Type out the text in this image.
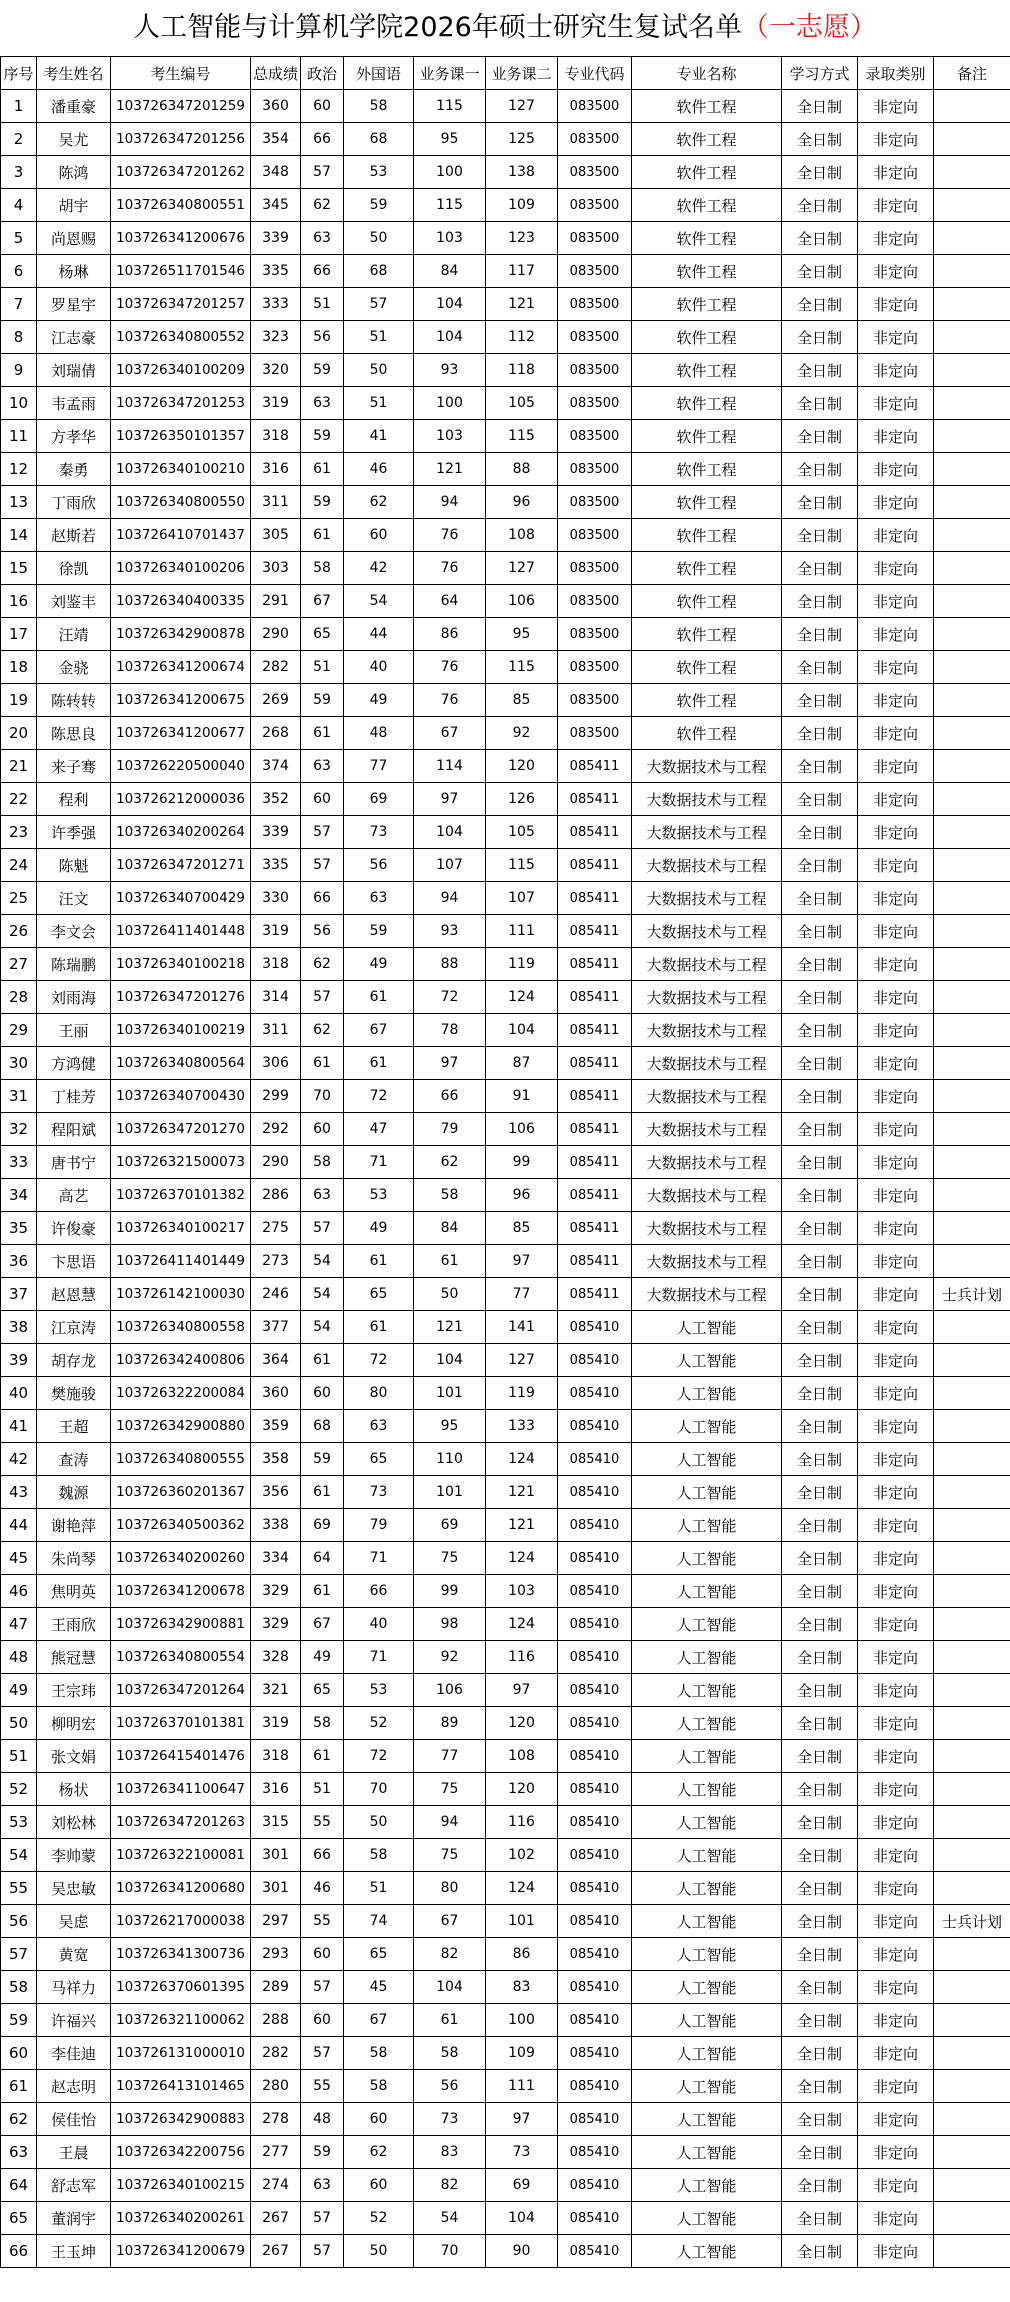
人工智能与计算机学院2026年硕士研究生复试名单（一志愿）
序号	考生姓名	考生编号	总成绩	政治	外国语	业务课一	业务课二	专业代码	专业名称	学习方式	录取类别	备注
1	潘重豪	103726347201259	360	60	58	115	127	083500	软件工程	全日制	非定向	
2	吴尤	103726347201256	354	66	68	95	125	083500	软件工程	全日制	非定向	
3	陈鸿	103726347201262	348	57	53	100	138	083500	软件工程	全日制	非定向	
4	胡宇	103726340800551	345	62	59	115	109	083500	软件工程	全日制	非定向	
5	尚恩赐	103726341200676	339	63	50	103	123	083500	软件工程	全日制	非定向	
6	杨琳	103726511701546	335	66	68	84	117	083500	软件工程	全日制	非定向	
7	罗星宇	103726347201257	333	51	57	104	121	083500	软件工程	全日制	非定向	
8	江志豪	103726340800552	323	56	51	104	112	083500	软件工程	全日制	非定向	
9	刘瑞倩	103726340100209	320	59	50	93	118	083500	软件工程	全日制	非定向	
10	韦孟雨	103726347201253	319	63	51	100	105	083500	软件工程	全日制	非定向	
11	方孝华	103726350101357	318	59	41	103	115	083500	软件工程	全日制	非定向	
12	秦勇	103726340100210	316	61	46	121	88	083500	软件工程	全日制	非定向	
13	丁雨欣	103726340800550	311	59	62	94	96	083500	软件工程	全日制	非定向	
14	赵斯若	103726410701437	305	61	60	76	108	083500	软件工程	全日制	非定向	
15	徐凯	103726340100206	303	58	42	76	127	083500	软件工程	全日制	非定向	
16	刘鉴丰	103726340400335	291	67	54	64	106	083500	软件工程	全日制	非定向	
17	汪靖	103726342900878	290	65	44	86	95	083500	软件工程	全日制	非定向	
18	金骁	103726341200674	282	51	40	76	115	083500	软件工程	全日制	非定向	
19	陈转转	103726341200675	269	59	49	76	85	083500	软件工程	全日制	非定向	
20	陈思良	103726341200677	268	61	48	67	92	083500	软件工程	全日制	非定向	
21	来子骞	103726220500040	374	63	77	114	120	085411	大数据技术与工程	全日制	非定向	
22	程利	103726212000036	352	60	69	97	126	085411	大数据技术与工程	全日制	非定向	
23	许季强	103726340200264	339	57	73	104	105	085411	大数据技术与工程	全日制	非定向	
24	陈魁	103726347201271	335	57	56	107	115	085411	大数据技术与工程	全日制	非定向	
25	汪文	103726340700429	330	66	63	94	107	085411	大数据技术与工程	全日制	非定向	
26	李文会	103726411401448	319	56	59	93	111	085411	大数据技术与工程	全日制	非定向	
27	陈瑞鹏	103726340100218	318	62	49	88	119	085411	大数据技术与工程	全日制	非定向	
28	刘雨海	103726347201276	314	57	61	72	124	085411	大数据技术与工程	全日制	非定向	
29	王丽	103726340100219	311	62	67	78	104	085411	大数据技术与工程	全日制	非定向	
30	方鸿健	103726340800564	306	61	61	97	87	085411	大数据技术与工程	全日制	非定向	
31	丁桂芳	103726340700430	299	70	72	66	91	085411	大数据技术与工程	全日制	非定向	
32	程阳斌	103726347201270	292	60	47	79	106	085411	大数据技术与工程	全日制	非定向	
33	唐书宁	103726321500073	290	58	71	62	99	085411	大数据技术与工程	全日制	非定向	
34	高艺	103726370101382	286	63	53	58	96	085411	大数据技术与工程	全日制	非定向	
35	许俊豪	103726340100217	275	57	49	84	85	085411	大数据技术与工程	全日制	非定向	
36	卞思语	103726411401449	273	54	61	61	97	085411	大数据技术与工程	全日制	非定向	
37	赵恩慧	103726142100030	246	54	65	50	77	085411	大数据技术与工程	全日制	非定向	士兵计划
38	江京涛	103726340800558	377	54	61	121	141	085410	人工智能	全日制	非定向	
39	胡存龙	103726342400806	364	61	72	104	127	085410	人工智能	全日制	非定向	
40	樊施骏	103726322200084	360	60	80	101	119	085410	人工智能	全日制	非定向	
41	王超	103726342900880	359	68	63	95	133	085410	人工智能	全日制	非定向	
42	查涛	103726340800555	358	59	65	110	124	085410	人工智能	全日制	非定向	
43	魏源	103726360201367	356	61	73	101	121	085410	人工智能	全日制	非定向	
44	谢艳萍	103726340500362	338	69	79	69	121	085410	人工智能	全日制	非定向	
45	朱尚琴	103726340200260	334	64	71	75	124	085410	人工智能	全日制	非定向	
46	焦明英	103726341200678	329	61	66	99	103	085410	人工智能	全日制	非定向	
47	王雨欣	103726342900881	329	67	40	98	124	085410	人工智能	全日制	非定向	
48	熊冠慧	103726340800554	328	49	71	92	116	085410	人工智能	全日制	非定向	
49	王宗玮	103726347201264	321	65	53	106	97	085410	人工智能	全日制	非定向	
50	柳明宏	103726370101381	319	58	52	89	120	085410	人工智能	全日制	非定向	
51	张文娟	103726415401476	318	61	72	77	108	085410	人工智能	全日制	非定向	
52	杨状	103726341100647	316	51	70	75	120	085410	人工智能	全日制	非定向	
53	刘松林	103726347201263	315	55	50	94	116	085410	人工智能	全日制	非定向	
54	李帅蒙	103726322100081	301	66	58	75	102	085410	人工智能	全日制	非定向	
55	吴忠敏	103726341200680	301	46	51	80	124	085410	人工智能	全日制	非定向	
56	吴虑	103726217000038	297	55	74	67	101	085410	人工智能	全日制	非定向	士兵计划
57	黄宽	103726341300736	293	60	65	82	86	085410	人工智能	全日制	非定向	
58	马祥力	103726370601395	289	57	45	104	83	085410	人工智能	全日制	非定向	
59	许福兴	103726321100062	288	60	67	61	100	085410	人工智能	全日制	非定向	
60	李佳迪	103726131000010	282	57	58	58	109	085410	人工智能	全日制	非定向	
61	赵志明	103726413101465	280	55	58	56	111	085410	人工智能	全日制	非定向	
62	侯佳怡	103726342900883	278	48	60	73	97	085410	人工智能	全日制	非定向	
63	王晨	103726342200756	277	59	62	83	73	085410	人工智能	全日制	非定向	
64	舒志军	103726340100215	274	63	60	82	69	085410	人工智能	全日制	非定向	
65	董润宇	103726340200261	267	57	52	54	104	085410	人工智能	全日制	非定向	
66	王玉坤	103726341200679	267	57	50	70	90	085410	人工智能	全日制	非定向	
